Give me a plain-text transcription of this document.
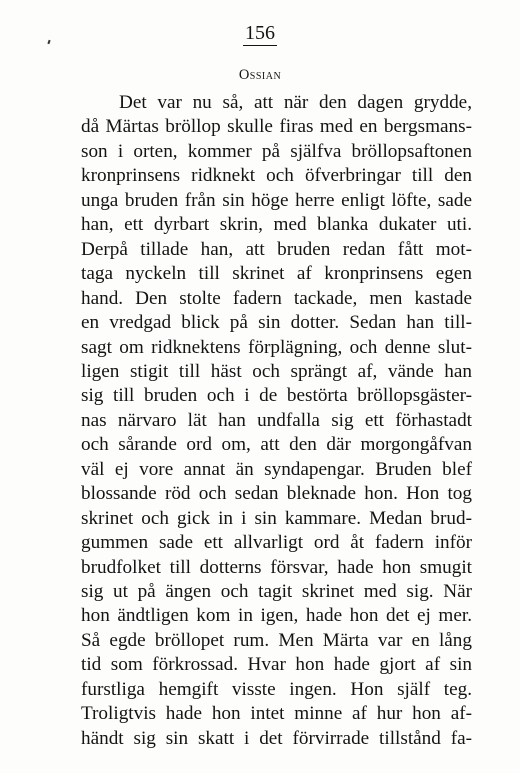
156
Ossian
Det var nu så, att när den dagen grydde,
då Märtas bröllop skulle firas med en bergsmans-
son i orten, kommer på själfva bröllopsaftonen
kronprinsens ridknekt och öfverbringar till den
unga bruden från sin höge herre enligt löfte, sade
han, ett dyrbart skrin, med blanka dukater uti.
Derpå tillade han, att bruden redan fått mot-
taga nyckeln till skrinet af kronprinsens egen
hand. Den stolte fadern tackade, men kastade
en vredgad blick på sin dotter. Sedan han till-
sagt om ridknektens förplägning, och denne slut-
ligen stigit till häst och sprängt af, vände han
sig till bruden och i de bestörta bröllopsgäster-
nas närvaro lät han undfalla sig ett förhastadt
och sårande ord om, att den där morgongåfvan
väl ej vore annat än syndapengar. Bruden blef
blossande röd och sedan bleknade hon. Hon tog
skrinet och gick in i sin kammare. Medan brud-
gummen sade ett allvarligt ord åt fadern inför
brudfolket till dotterns försvar, hade hon smugit
sig ut på ängen och tagit skrinet med sig. När
hon ändtligen kom in igen, hade hon det ej mer.
Så egde bröllopet rum. Men Märta var en lång
tid som förkrossad. Hvar hon hade gjort af sin
furstliga hemgift visste ingen. Hon själf teg.
Troligtvis hade hon intet minne af hur hon af-
händt sig sin skatt i det förvirrade tillstånd fa-
